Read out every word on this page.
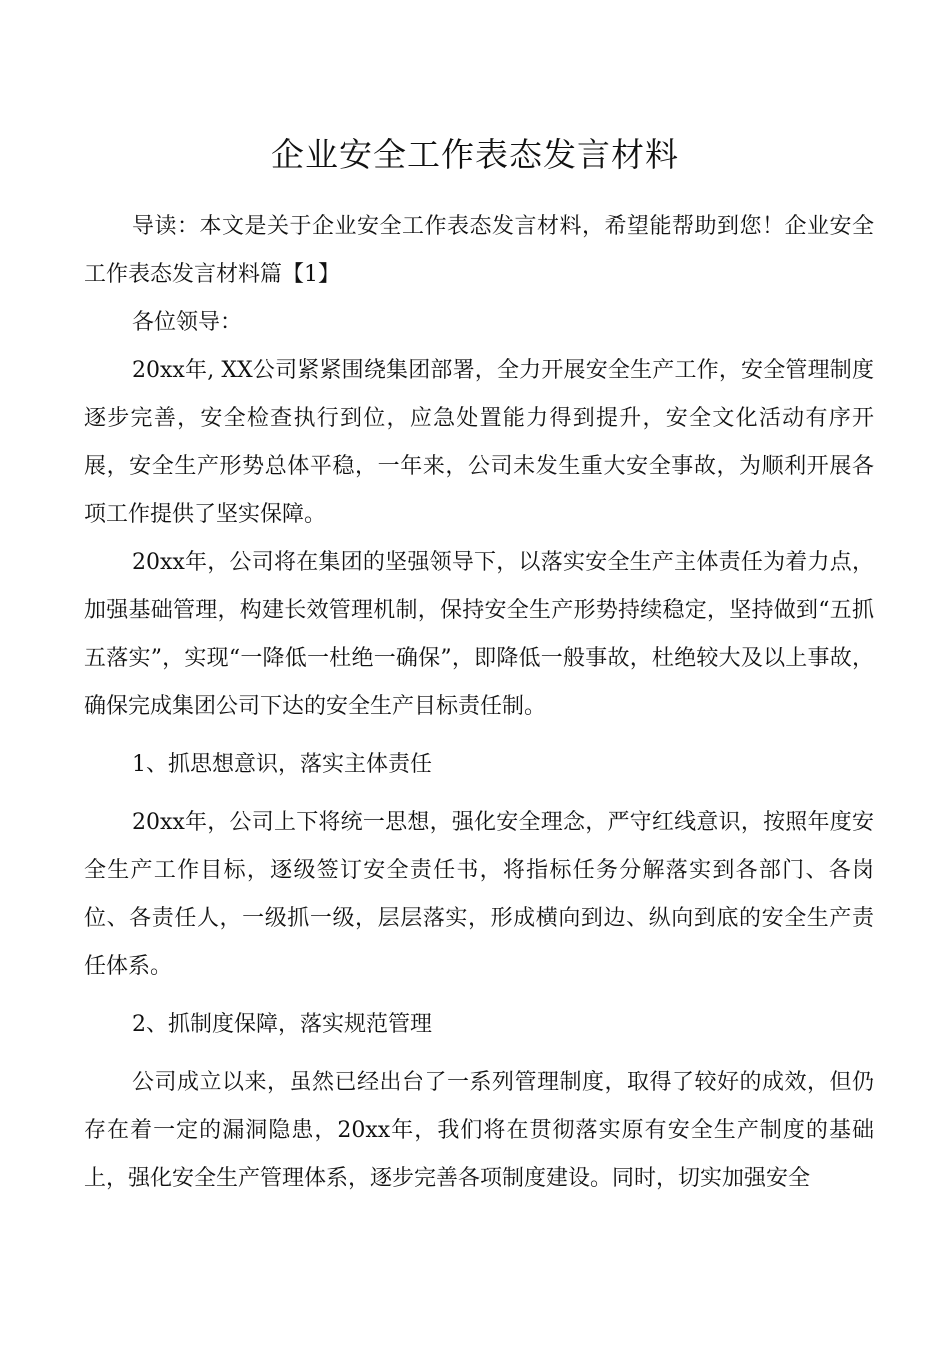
企业安全工作表态发言材料

导读：本文是关于企业安全工作表态发言材料，希望能帮助到您！企业安全工作表态发言材料篇【1】

各位领导：

20xx年, XX公司紧紧围绕集团部署，全力开展安全生产工作，安全管理制度逐步完善，安全检查执行到位，应急处置能力得到提升，安全文化活动有序开展，安全生产形势总体平稳，一年来，公司未发生重大安全事故，为顺利开展各项工作提供了坚实保障。

20xx年，公司将在集团的坚强领导下，以落实安全生产主体责任为着力点，加强基础管理，构建长效管理机制，保持安全生产形势持续稳定，坚持做到“五抓五落实”，实现“一降低一杜绝一确保”，即降低一般事故，杜绝较大及以上事故，确保完成集团公司下达的安全生产目标责任制。

1、抓思想意识，落实主体责任

20xx年，公司上下将统一思想，强化安全理念，严守红线意识，按照年度安全生产工作目标，逐级签订安全责任书，将指标任务分解落实到各部门、各岗位、各责任人，一级抓一级，层层落实，形成横向到边、纵向到底的安全生产责任体系。

2、抓制度保障，落实规范管理

公司成立以来，虽然已经出台了一系列管理制度，取得了较好的成效，但仍存在着一定的漏洞隐患，20xx年，我们将在贯彻落实原有安全生产制度的基础上，强化安全生产管理体系，逐步完善各项制度建设。同时，切实加强安全
